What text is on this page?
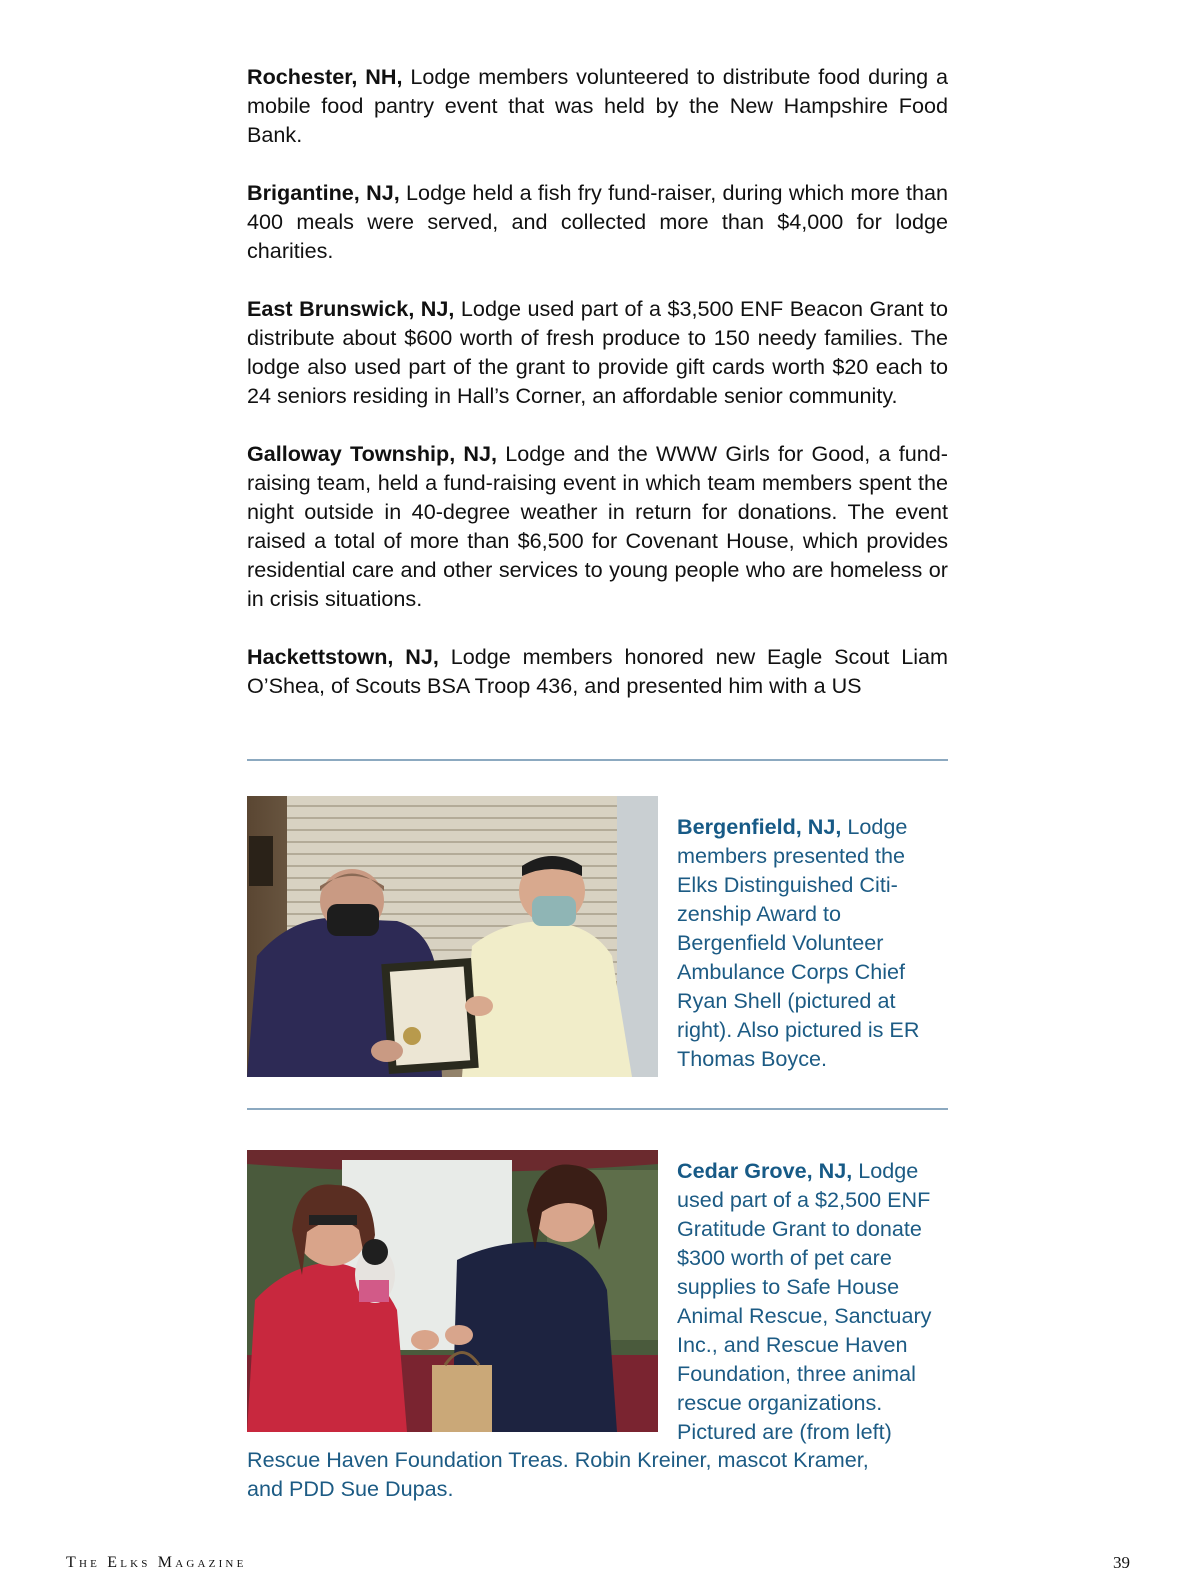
Rochester, NH, Lodge members volunteered to distribute food during a mobile food pantry event that was held by the New Hampshire Food Bank.

Brigantine, NJ, Lodge held a fish fry fund-raiser, during which more than 400 meals were served, and collected more than $4,000 for lodge charities.

East Brunswick, NJ, Lodge used part of a $3,500 ENF Beacon Grant to distribute about $600 worth of fresh produce to 150 needy families. The lodge also used part of the grant to provide gift cards worth $20 each to 24 seniors residing in Hall’s Corner, an affordable senior community.

Galloway Township, NJ, Lodge and the WWW Girls for Good, a fund-raising team, held a fund-raising event in which team members spent the night outside in 40-degree weather in return for donations. The event raised a total of more than $6,500 for Covenant House, which provides residential care and other services to young people who are homeless or in crisis situations.

Hackettstown, NJ, Lodge members honored new Eagle Scout Liam O’Shea, of Scouts BSA Troop 436, and presented him with a US

Bergenfield, NJ, Lodge
members presented the
Elks Distinguished Citi-
zenship Award to
Bergenfield Volunteer
Ambulance Corps Chief
Ryan Shell (pictured at
right). Also pictured is ER
Thomas Boyce.
Cedar Grove, NJ, Lodge
used part of a $2,500 ENF
Gratitude Grant to donate
$300 worth of pet care
supplies to Safe House
Animal Rescue, Sanctuary
Inc., and Rescue Haven
Foundation, three animal
rescue organizations.
Pictured are (from left)
Rescue Haven Foundation Treas. Robin Kreiner, mascot Kramer,
and PDD Sue Dupas.
The Elks Magazine	39
